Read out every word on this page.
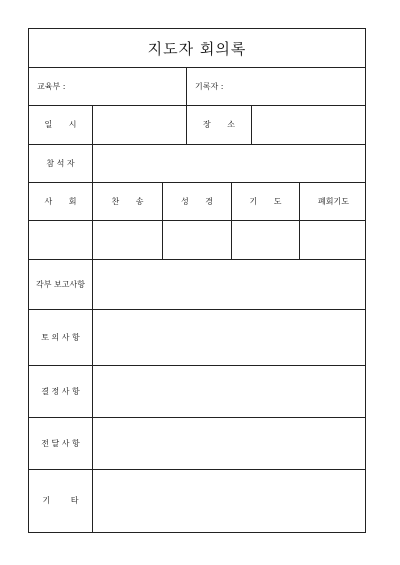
지도자 회의록
교육부 :	기록자 :
일 시	장 소
참 석 자
사 회	찬 송	성 경	기 도	폐회기도
각부 보고사항
토 의 사 항
결 정 사 항
전 달 사 항
기 타
